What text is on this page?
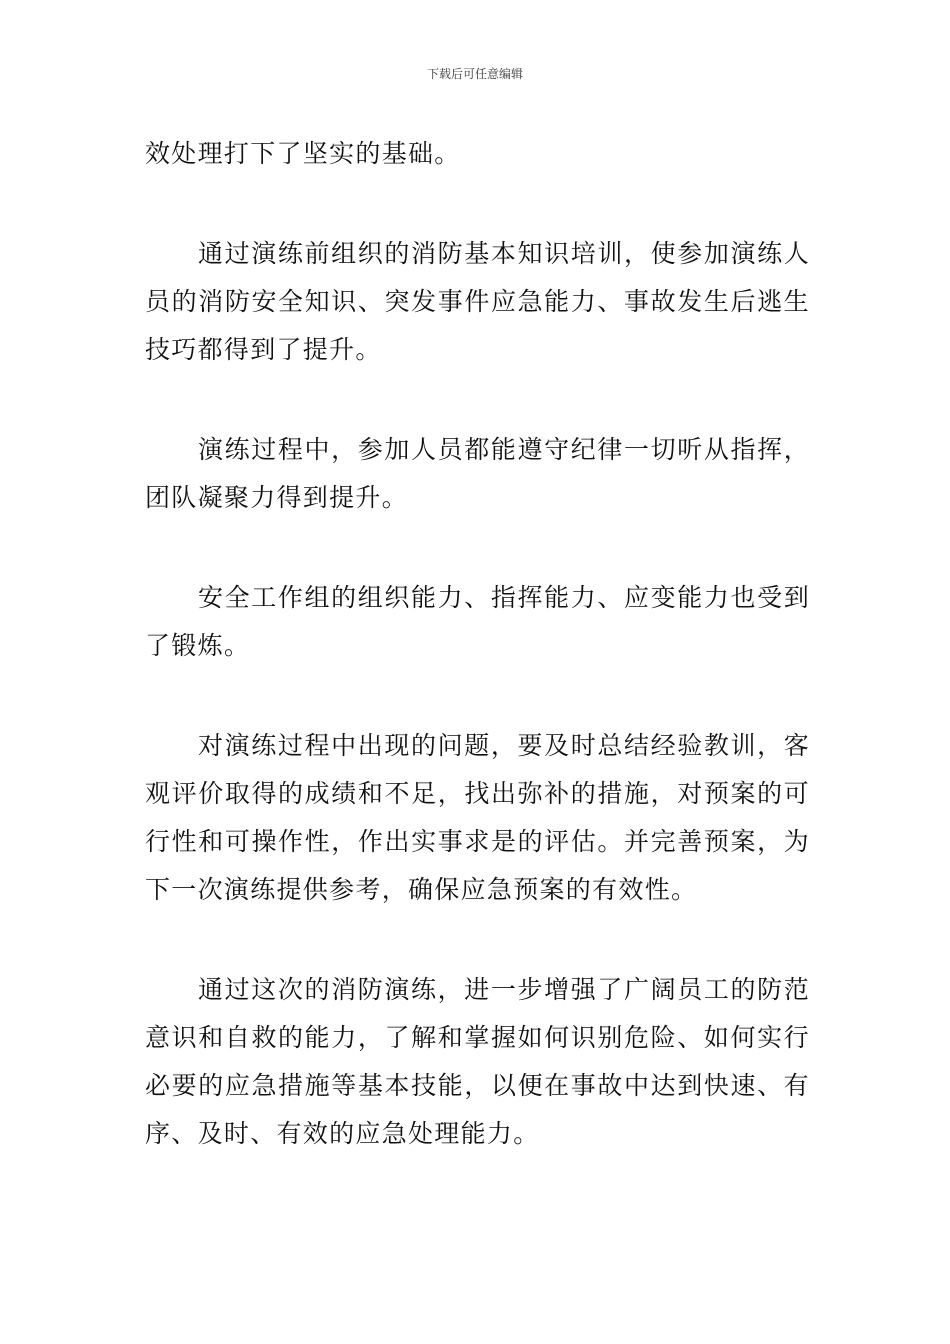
下载后可任意编辑

效处理打下了坚实的基础。

通过演练前组织的消防基本知识培训，使参加演练人员的消防安全知识、突发事件应急能力、事故发生后逃生技巧都得到了提升。

演练过程中，参加人员都能遵守纪律一切听从指挥，团队凝聚力得到提升。

安全工作组的组织能力、指挥能力、应变能力也受到了锻炼。

对演练过程中出现的问题，要及时总结经验教训，客观评价取得的成绩和不足，找出弥补的措施，对预案的可行性和可操作性，作出实事求是的评估。并完善预案，为下一次演练提供参考，确保应急预案的有效性。

通过这次的消防演练，进一步增强了广阔员工的防范意识和自救的能力，了解和掌握如何识别危险、如何实行必要的应急措施等基本技能，以便在事故中达到快速、有序、及时、有效的应急处理能力。
